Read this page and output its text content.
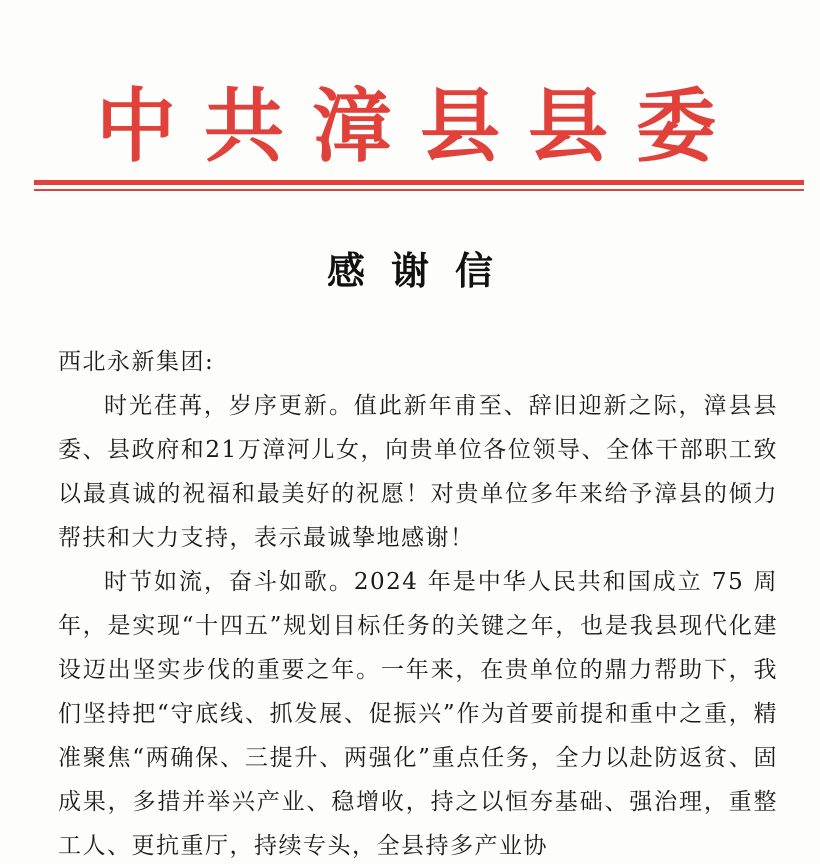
中 共 漳 县 县 委
感谢信

西北永新集团:

时光荏苒，岁序更新。值此新年甫至、辞旧迎新之际，漳县县委、县政府和21万漳河儿女，向贵单位各位领导、全体干部职工致以最真诚的祝福和最美好的祝愿！对贵单位多年来给予漳县的倾力帮扶和大力支持，表示最诚挚地感谢！

时节如流，奋斗如歌。2024 年是中华人民共和国成立 75 周年，是实现“十四五”规划目标任务的关键之年，也是我县现代化建设迈出坚实步伐的重要之年。一年来，在贵单位的鼎力帮助下，我们坚持把“守底线、抓发展、促振兴”作为首要前提和重中之重，精准聚焦“两确保、三提升、两强化”重点任务，全力以赴防返贫、固成果，多措并举兴产业、稳增收，持之以恒夯基础、强治理，重整工人、更抗重厅，持续专头，全县持多产业协
